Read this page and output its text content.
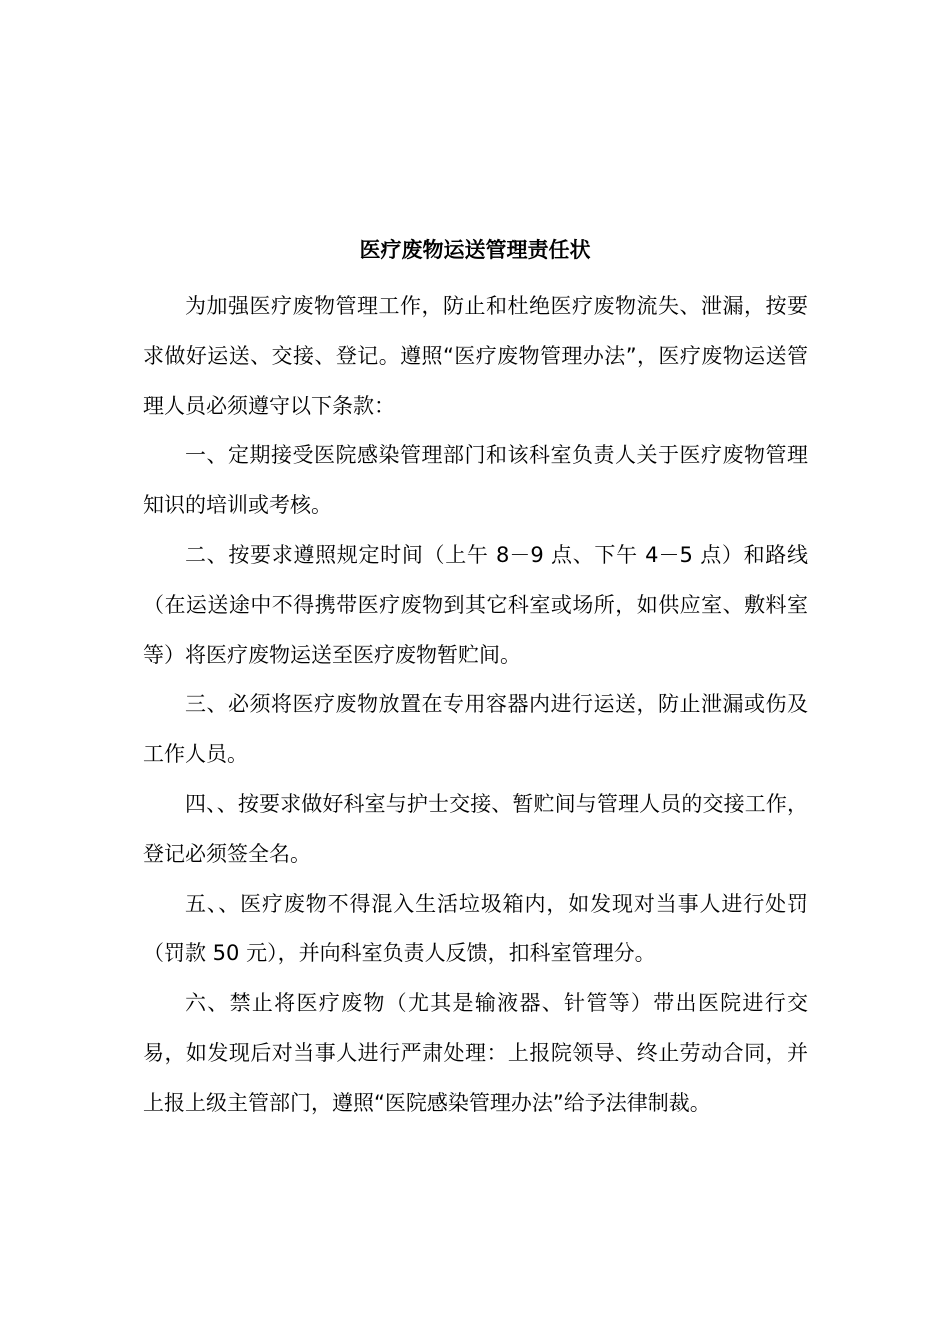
医疗废物运送管理责任状

为加强医疗废物管理工作，防止和杜绝医疗废物流失、泄漏，按要求做好运送、交接、登记。遵照“医疗废物管理办法”，医疗废物运送管理人员必须遵守以下条款：

一、定期接受医院感染管理部门和该科室负责人关于医疗废物管理知识的培训或考核。

二、按要求遵照规定时间（上午 8－9 点、下午 4－5 点）和路线（在运送途中不得携带医疗废物到其它科室或场所，如供应室、敷料室等）将医疗废物运送至医疗废物暂贮间。

三、必须将医疗废物放置在专用容器内进行运送，防止泄漏或伤及工作人员。

四、、按要求做好科室与护士交接、暂贮间与管理人员的交接工作，登记必须签全名。

五、、医疗废物不得混入生活垃圾箱内，如发现对当事人进行处罚（罚款 50 元），并向科室负责人反馈，扣科室管理分。

六、禁止将医疗废物（尤其是输液器、针管等）带出医院进行交易，如发现后对当事人进行严肃处理：上报院领导、终止劳动合同，并上报上级主管部门，遵照“医院感染管理办法”给予法律制裁。
